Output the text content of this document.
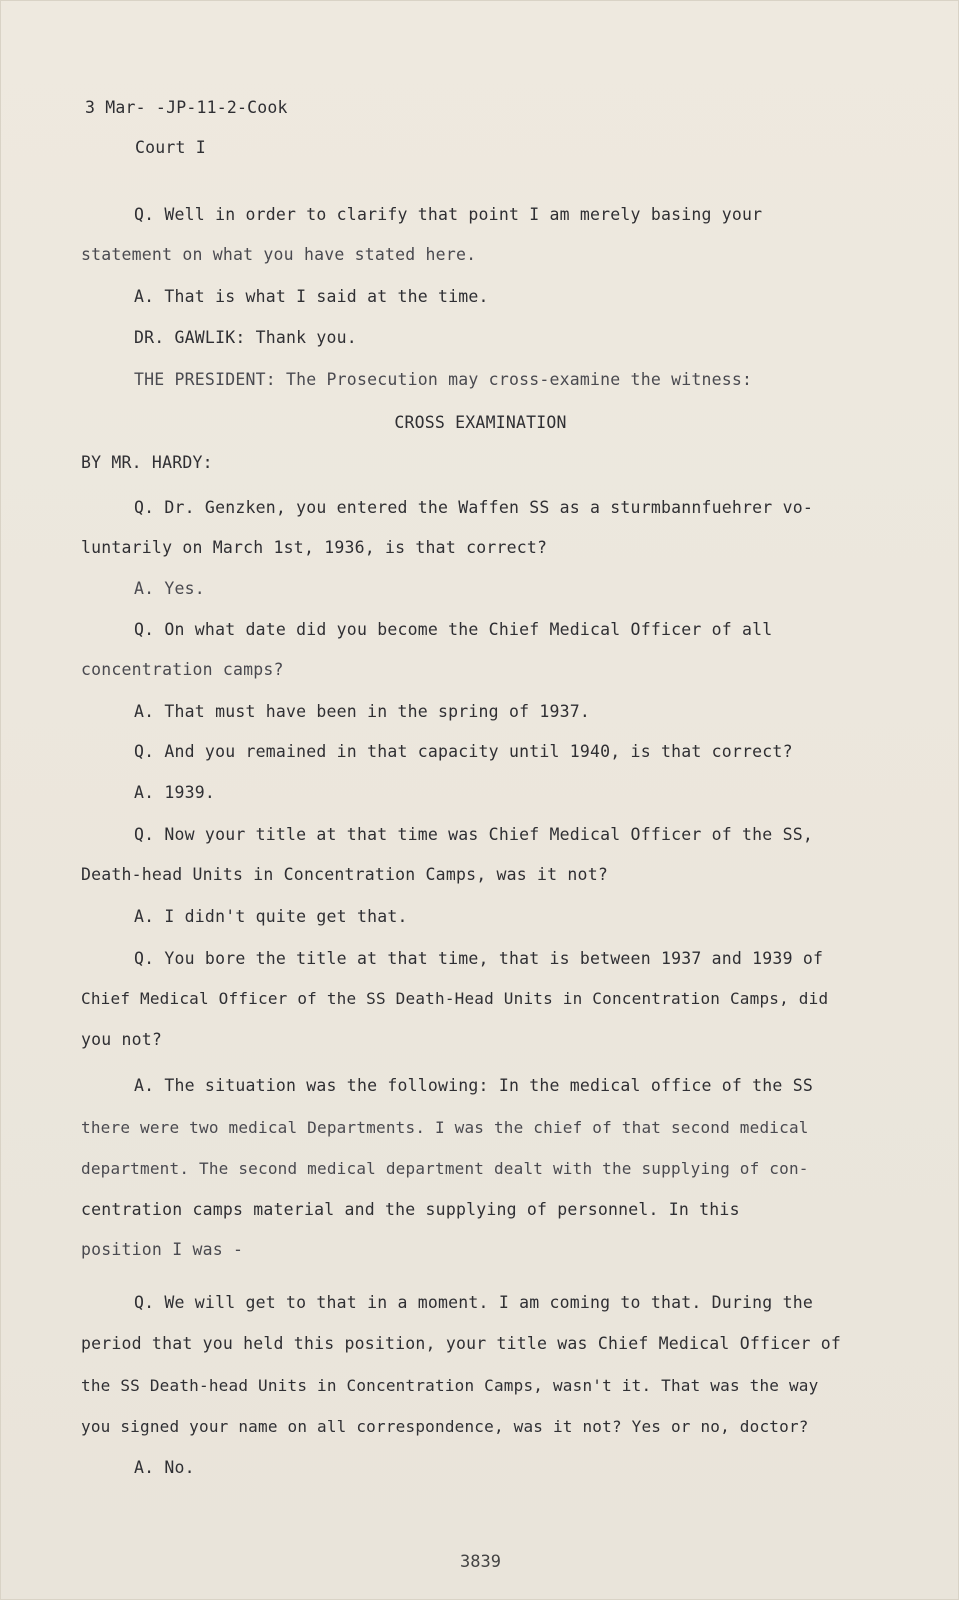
3 Mar- -JP-11-2-Cook
Court I
Q. Well in order to clarify that point I am merely basing your
statement on what you have stated here.
A. That is what I said at the time.
DR. GAWLIK: Thank you.
THE PRESIDENT: The Prosecution may cross-examine the witness:
CROSS EXAMINATION
BY MR. HARDY:
Q. Dr. Genzken, you entered the Waffen SS as a sturmbannfuehrer vo-
luntarily on March 1st, 1936, is that correct?
A. Yes.
Q. On what date did you become the Chief Medical Officer of all
concentration camps?
A. That must have been in the spring of 1937.
Q. And you remained in that capacity until 1940, is that correct?
A. 1939.
Q. Now your title at that time was Chief Medical Officer of the SS,
Death-head Units in Concentration Camps, was it not?
A. I didn't quite get that.
Q. You bore the title at that time, that is between 1937 and 1939 of
Chief Medical Officer of the SS Death-Head Units in Concentration Camps, did
you not?
A. The situation was the following: In the medical office of the SS
there were two medical Departments. I was the chief of that second medical
department. The second medical department dealt with the supplying of con-
centration camps material and the supplying of personnel. In this
position I was -
Q. We will get to that in a moment. I am coming to that. During the
period that you held this position, your title was Chief Medical Officer of
the SS Death-head Units in Concentration Camps, wasn't it. That was the way
you signed your name on all correspondence, was it not? Yes or no, doctor?
A. No.
3839
